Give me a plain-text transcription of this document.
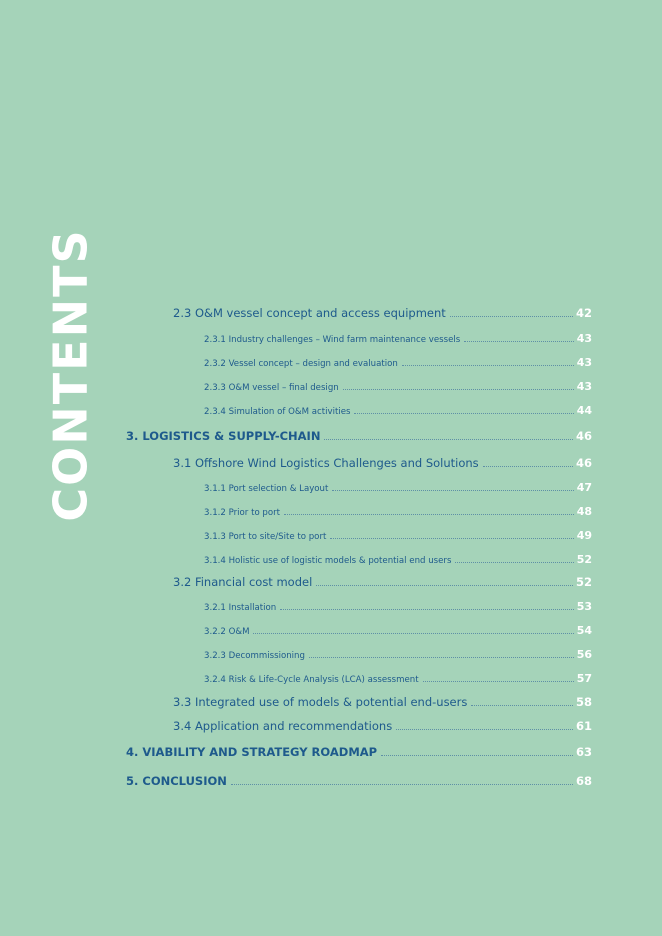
CONTENTS	2.3 O&M vessel concept and access equipment	42
2.3.1 Industry challenges – Wind farm maintenance vessels	43
2.3.2 Vessel concept – design and evaluation	43
2.3.3 O&M vessel – final design	43
2.3.4 Simulation of O&M activities	44
3. LOGISTICS & SUPPLY-CHAIN	46
3.1 Offshore Wind Logistics Challenges and Solutions	46
3.1.1 Port selection & Layout	47
3.1.2 Prior to port	48
3.1.3 Port to site/Site to port	49
3.1.4 Holistic use of logistic models & potential end users	52
3.2 Financial cost model	52
3.2.1 Installation	53
3.2.2 O&M	54
3.2.3 Decommissioning	56
3.2.4 Risk & Life-Cycle Analysis (LCA) assessment	57
3.3 Integrated use of models & potential end-users	58
3.4 Application and recommendations	61
4. VIABILITY AND STRATEGY ROADMAP	63
5. CONCLUSION	68
